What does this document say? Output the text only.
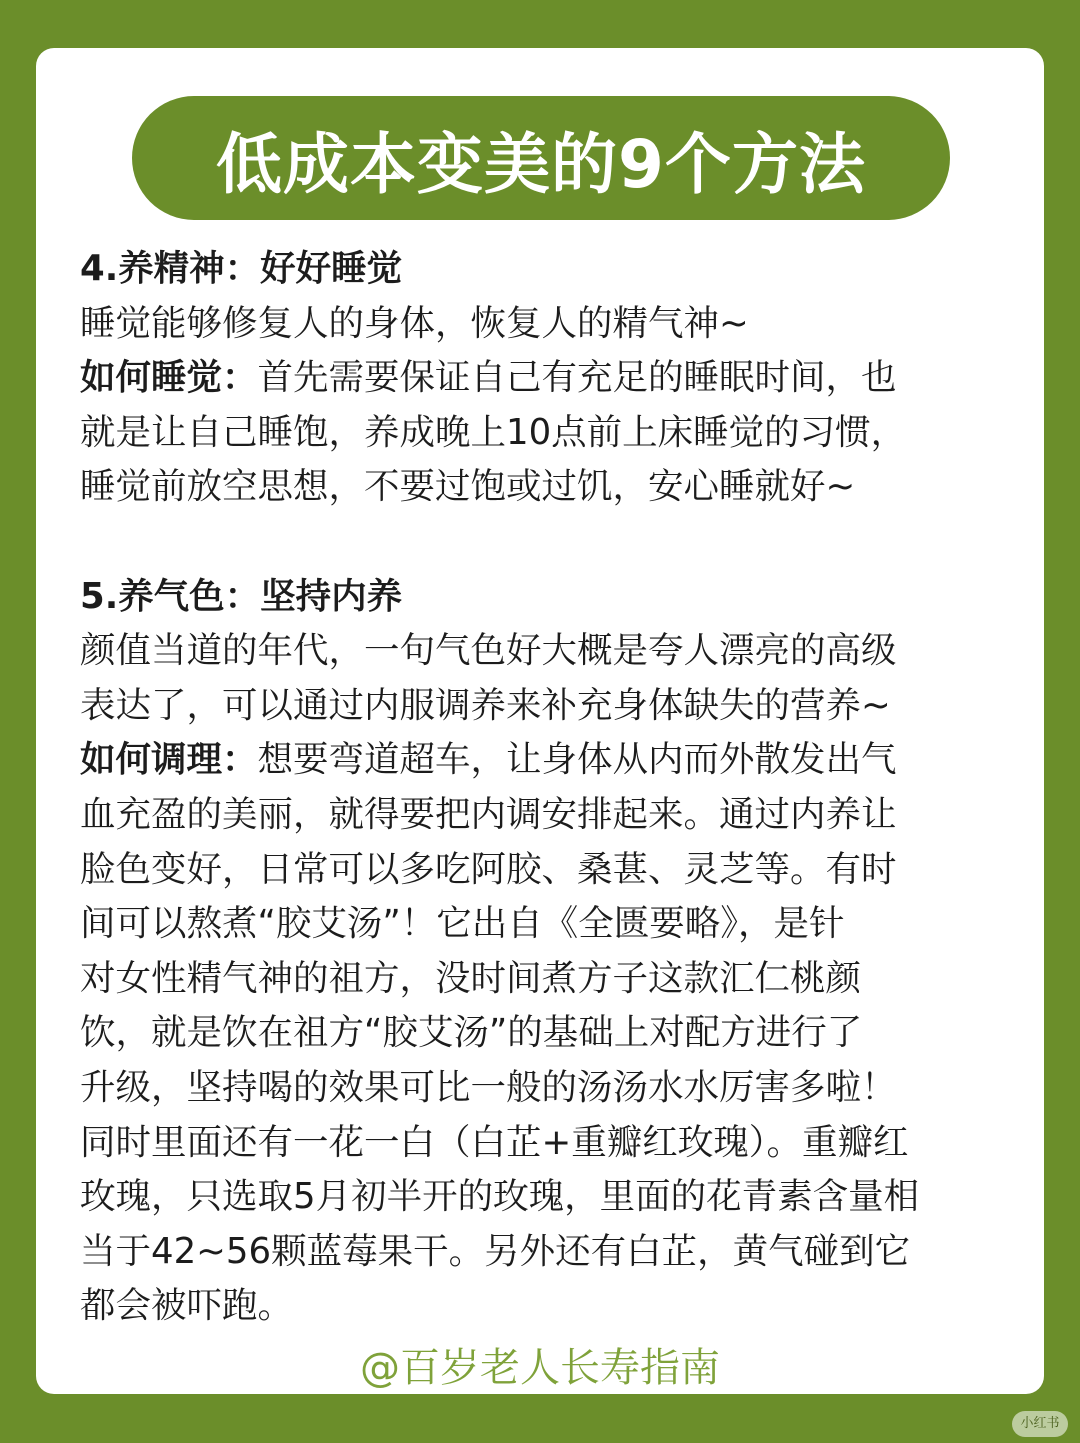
低成本变美的9个方法
4.养精神：好好睡觉
睡觉能够修复人的身体，恢复人的精气神~
如何睡觉：首先需要保证自己有充足的睡眠时间，也
就是让自己睡饱，养成晚上10点前上床睡觉的习惯，
睡觉前放空思想，不要过饱或过饥，安心睡就好~
5.养气色：坚持内养
颜值当道的年代，一句气色好大概是夸人漂亮的高级
表达了，可以通过内服调养来补充身体缺失的营养~
如何调理：想要弯道超车，让身体从内而外散发出气
血充盈的美丽，就得要把内调安排起来。通过内养让
脸色变好，日常可以多吃阿胶、桑葚、灵芝等。有时
间可以熬煮“胶艾汤”！它出自《全匮要略》，是针
对女性精气神的祖方，没时间煮方子这款汇仁桃颜
饮，就是饮在祖方“胶艾汤”的基础上对配方进行了
升级，坚持喝的效果可比一般的汤汤水水厉害多啦！
同时里面还有一花一白（白芷+重瓣红玫瑰）。重瓣红
玫瑰，只选取5月初半开的玫瑰，里面的花青素含量相
当于42~56颗蓝莓果干。另外还有白芷，黄气碰到它
都会被吓跑。
@百岁老人长寿指南
小红书
